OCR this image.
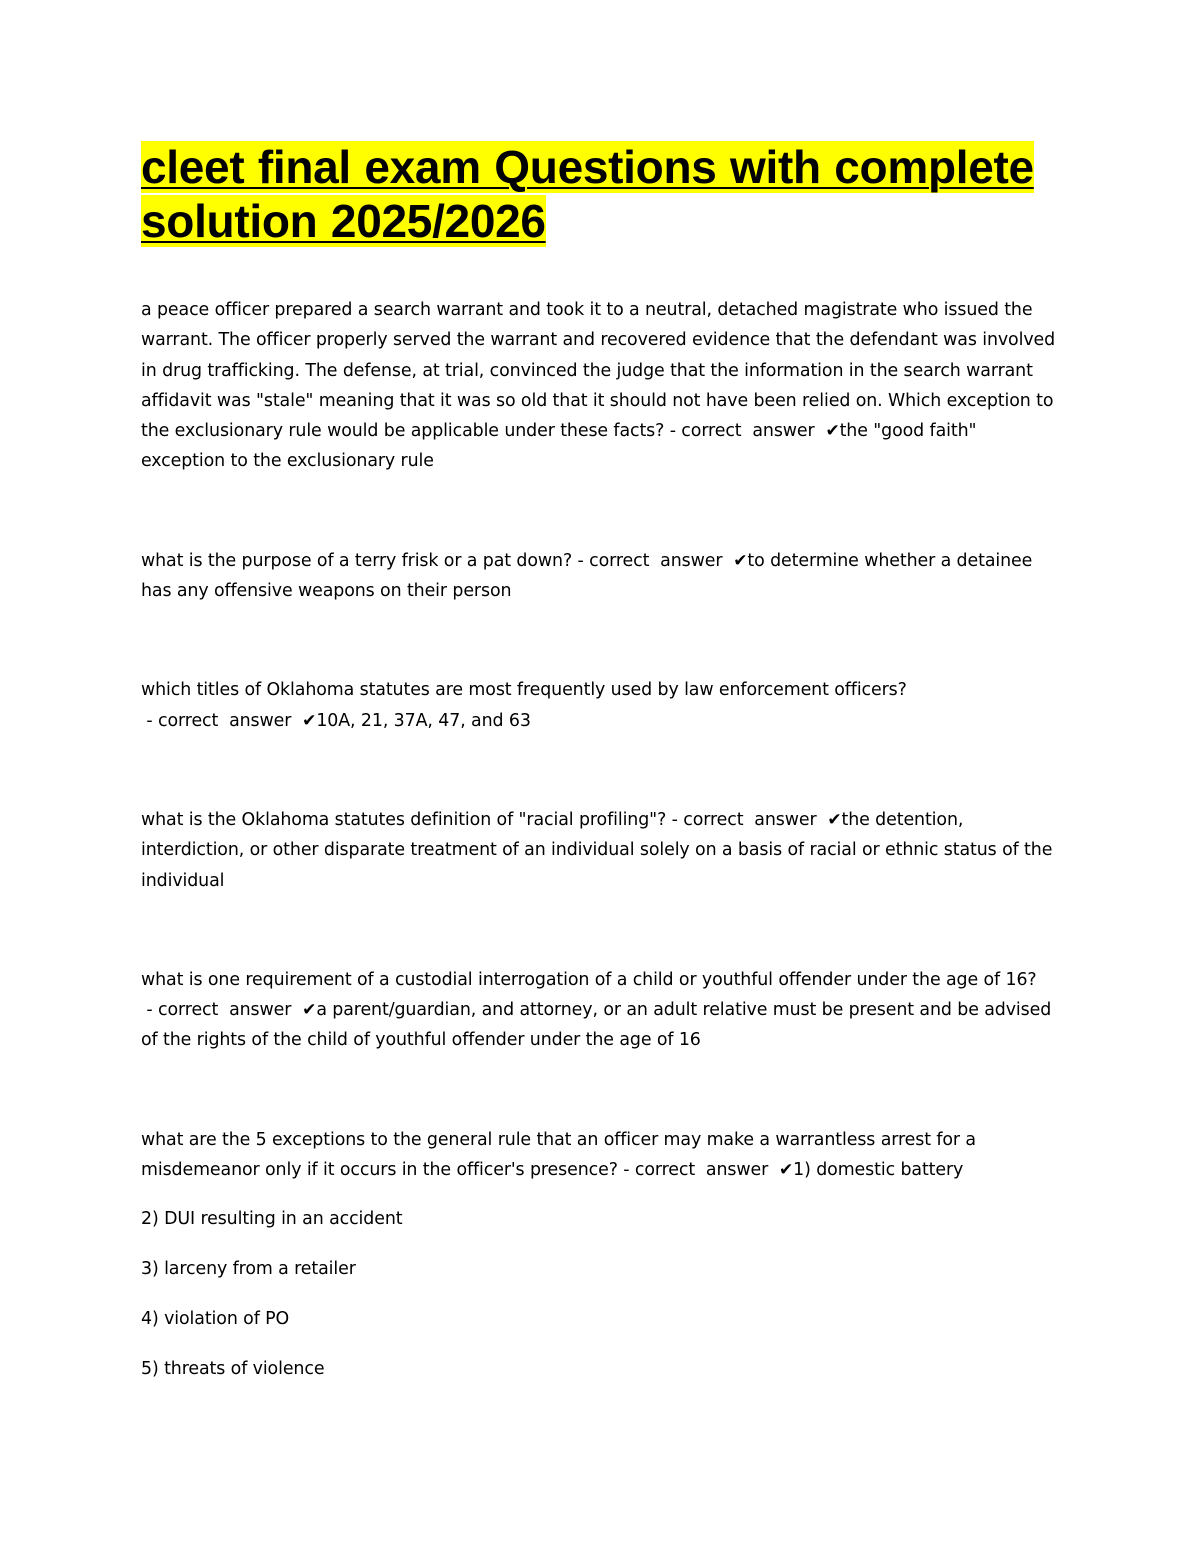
cleet final exam Questions with complete solution 2025/2026

a peace officer prepared a search warrant and took it to a neutral, detached magistrate who issued the warrant. The officer properly served the warrant and recovered evidence that the defendant was involved in drug trafficking. The defense, at trial, convinced the judge that the information in the search warrant affidavit was "stale" meaning that it was so old that it should not have been relied on. Which exception to the exclusionary rule would be applicable under these facts? - correct  answer  ✔the "good faith" exception to the exclusionary rule

what is the purpose of a terry frisk or a pat down? - correct  answer  ✔to determine whether a detainee has any offensive weapons on their person

which titles of Oklahoma statutes are most frequently used by law enforcement officers? - correct  answer  ✔10A, 21, 37A, 47, and 63

what is the Oklahoma statutes definition of "racial profiling"? - correct  answer  ✔the detention, interdiction, or other disparate treatment of an individual solely on a basis of racial or ethnic status of the individual

what is one requirement of a custodial interrogation of a child or youthful offender under the age of 16? - correct  answer  ✔a parent/guardian, and attorney, or an adult relative must be present and be advised of the rights of the child of youthful offender under the age of 16

what are the 5 exceptions to the general rule that an officer may make a warrantless arrest for a misdemeanor only if it occurs in the officer's presence? - correct  answer  ✔1) domestic battery

2) DUI resulting in an accident

3) larceny from a retailer

4) violation of PO

5) threats of violence
